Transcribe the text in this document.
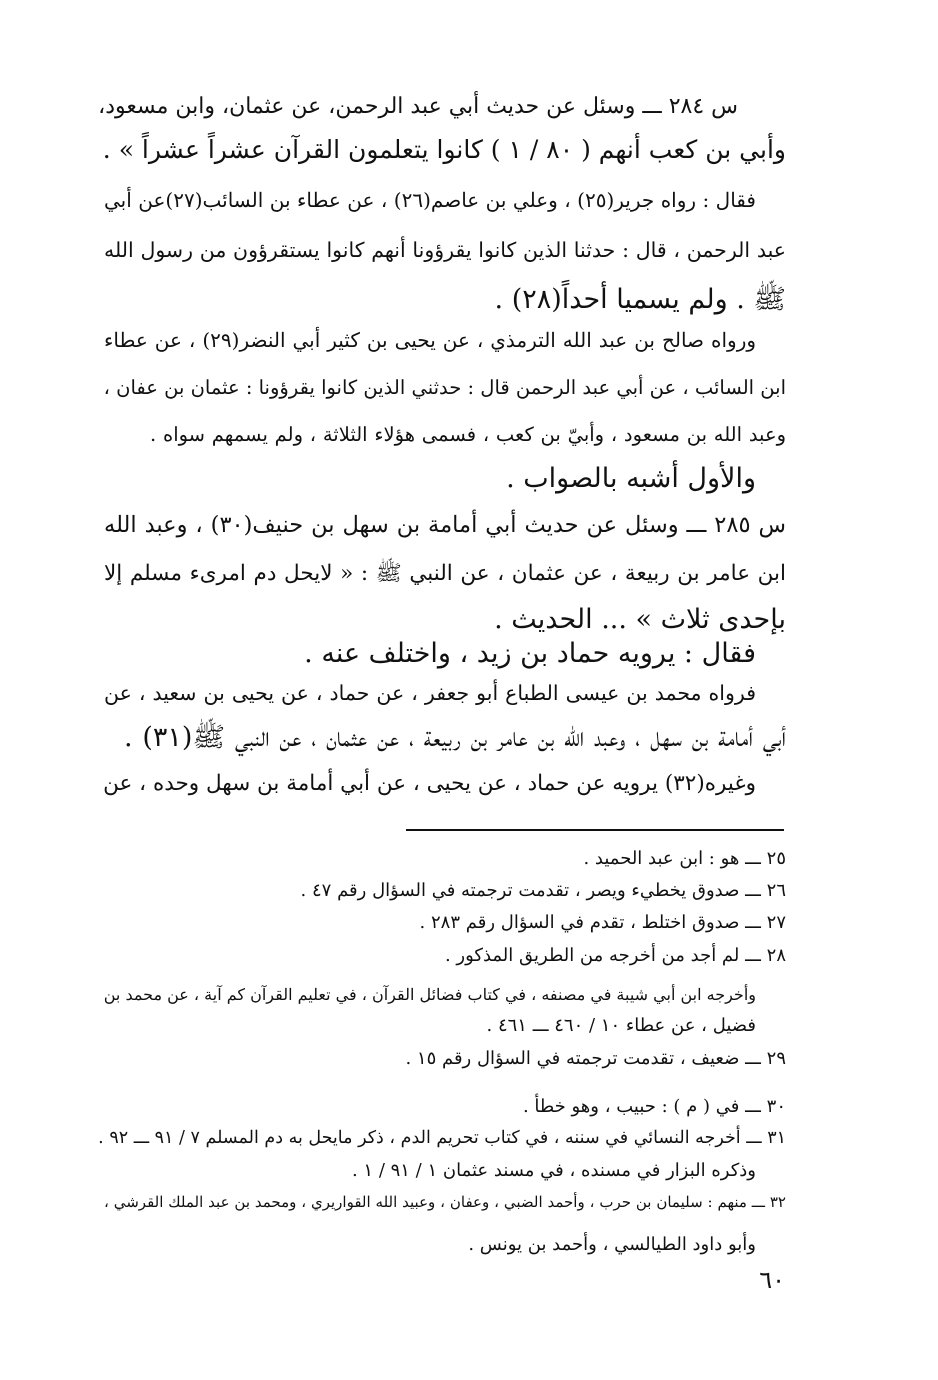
س ٢٨٤ ـــ وسئل عن حديث أبي عبد الرحمن، عن عثمان، وابن مسعود،
وأبي بن كعب أنهم ( ٨٠ / ١ ) كانوا يتعلمون القرآن عشراً عشراً » .
فقال : رواه جرير(٢٥) ، وعلي بن عاصم(٢٦) ، عن عطاء بن السائب(٢٧)عن أبي
عبد الرحمن ، قال : حدثنا الذين كانوا يقرؤونا أنهم كانوا يستقرؤون من رسول الله
ﷺ . ولم يسميا أحداً(٢٨) .
ورواه صالح بن عبد الله الترمذي ، عن يحيى بن كثير أبي النضر(٢٩) ، عن عطاء
ابن السائب ، عن أبي عبد الرحمن قال : حدثني الذين كانوا يقرؤونا : عثمان بن عفان ،
وعبد الله بن مسعود ، وأبيّ بن كعب ، فسمى هؤلاء الثلاثة ، ولم يسمهم سواه .
والأول أشبه بالصواب .
س ٢٨٥ ـــ وسئل عن حديث أبي أمامة بن سهل بن حنيف(٣٠) ، وعبد الله
ابن عامر بن ربيعة ، عن عثمان ، عن النبي ﷺ : « لايحل دم امرىء مسلم إلا
بإحدى ثلاث » ... الحديث .
فقال : يرويه حماد بن زيد ، واختلف عنه .
فرواه محمد بن عيسى الطباع أبو جعفر ، عن حماد ، عن يحيى بن سعيد ، عن
أبي أمامة بن سهل ، وعبد الله بن عامر بن ربيعة ، عن عثمان ، عن النبي ﷺ(٣١) .
وغيره(٣٢) يرويه عن حماد ، عن يحيى ، عن أبي أمامة بن سهل وحده ، عن
٢٥ ـــ هو : ابن عبد الحميد .
٢٦ ـــ صدوق يخطيء ويصر ، تقدمت ترجمته في السؤال رقم ٤٧ .
٢٧ ـــ صدوق اختلط ، تقدم في السؤال رقم ٢٨٣ .
٢٨ ـــ لم أجد من أخرجه من الطريق المذكور .
وأخرجه ابن أبي شيبة في مصنفه ، في كتاب فضائل القرآن ، في تعليم القرآن كم آية ، عن محمد بن
فضيل ، عن عطاء ١٠ / ٤٦٠ ـــ ٤٦١ .
٢٩ ـــ ضعيف ، تقدمت ترجمته في السؤال رقم ١٥ .
٣٠ ـــ في ( م ) : حبيب ، وهو خطأ .
٣١ ـــ أخرجه النسائي في سننه ، في كتاب تحريم الدم ، ذكر مايحل به دم المسلم ٧ / ٩١ ـــ ٩٢ .
وذكره البزار في مسنده ، في مسند عثمان ١ / ٩١ / ١ .
٣٢ ـــ منهم : سليمان بن حرب ، وأحمد الضبي ، وعفان ، وعبيد الله القواريري ، ومحمد بن عبد الملك القرشي ،
وأبو داود الطيالسي ، وأحمد بن يونس .
٦٠
